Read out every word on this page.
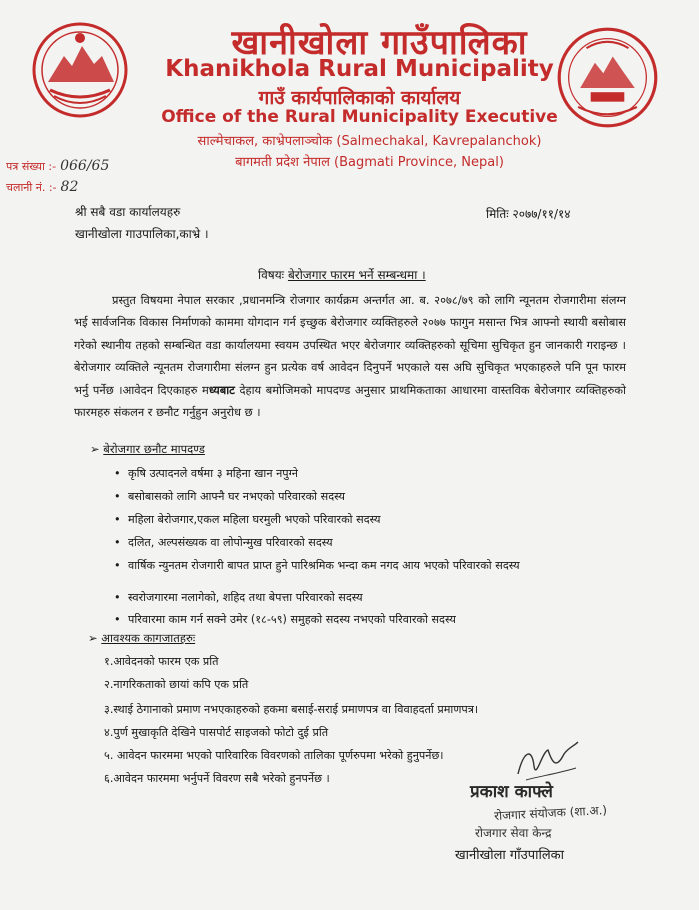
खानीखोला गाउँपालिका
Khanikhola Rural Municipality
गाउँ कार्यपालिकाको कार्यालय
Office of the Rural Municipality Executive
साल्मेचाकल, काभ्रेपलाञ्चोक (Salmechakal, Kavrepalanchok)
बागमती प्रदेश नेपाल (Bagmati Province, Nepal)
पत्र संख्या :- 066/65
चलानी नं. :- 82
श्री सबै वडा कार्यालयहरु
खानीखोला गाउपालिका,काभ्रे ।
मितिः २०७७/११/१४
विषयः बेरोजगार फारम भर्ने सम्बन्धमा ।
प्रस्तुत विषयमा नेपाल सरकार ,प्रधानमन्त्रि रोजगार कार्यक्रम अन्तर्गत आ. ब. २०७८/७९ को लागि न्यूनतम रोजगारीमा संलग्न भई सार्वजनिक विकास निर्माणको काममा योगदान गर्न इच्छुक बेरोजगार व्यक्तिहरुले २०७७ फागुन मसान्त भित्र आफ्नो स्थायी बसोबास गरेको स्थानीय तहको सम्बन्धित वडा कार्यालयमा स्वयम उपस्थित भएर बेरोजगार व्यक्तिहरुको सूचिमा सुचिकृत हुन जानकारी गराइन्छ ।बेरोजगार व्यक्तिले न्यूनतम रोजगारीमा संलग्न हुन प्रत्येक वर्ष आवेदन दिनुपर्ने भएकाले यस अघि सुचिकृत भएकाहरुले पनि पून फारम भर्नु पर्नेछ ।आवेदन दिएकाहरु मध्यबाट देहाय बमोजिमको मापदण्ड अनुसार प्राथमिकताका आधारमा वास्तविक बेरोजगार व्यक्तिहरुको फारमहरु संकलन र छनौट गर्नुहुन अनुरोध छ ।
➢ बेरोजगार छनौट मापदण्ड
• कृषि उत्पादनले वर्षमा ३ महिना खान नपुग्ने
• बसोबासको लागि आफ्नै घर नभएको परिवारको सदस्य
• महिला बेरोजगार,एकल महिला घरमुली भएको परिवारको सदस्य
• दलित, अल्पसंख्यक वा लोपोन्मुख परिवारको सदस्य
• वार्षिक न्युनतम रोजगारी बापत प्राप्त हुने पारिश्रमिक भन्दा कम नगद आय भएको परिवारको सदस्य
• स्वरोजगारमा नलागेको, शहिद तथा बेपत्ता परिवारको सदस्य
• परिवारमा काम गर्न सक्ने उमेर (१८-५९) समुहको सदस्य नभएको परिवारको सदस्य
➢ आवश्यक कागजातहरुः
१.आवेदनको फारम एक प्रति
२.नागरिकताको छायां कपि एक प्रति
३.स्थाई ठेगानाको प्रमाण नभएकाहरुको हकमा बसाई-सराई प्रमाणपत्र वा विवाहदर्ता प्रमाणपत्र।
४.पुर्ण मुखाकृति देखिने पासपोर्ट साइजको फोटो दुई प्रति
५. आवेदन फारममा भएको पारिवारिक विवरणको तालिका पूर्णरुपमा भरेको हुनुपर्नेछ।
६.आवेदन फारममा भर्नुपर्ने विवरण सबै भरेको हुनपर्नेछ ।
प्रकाश काफ्ले
रोजगार संयोजक (शा.अ.)
रोजगार सेवा केन्द्र
खानीखोला गाँउपालिका
